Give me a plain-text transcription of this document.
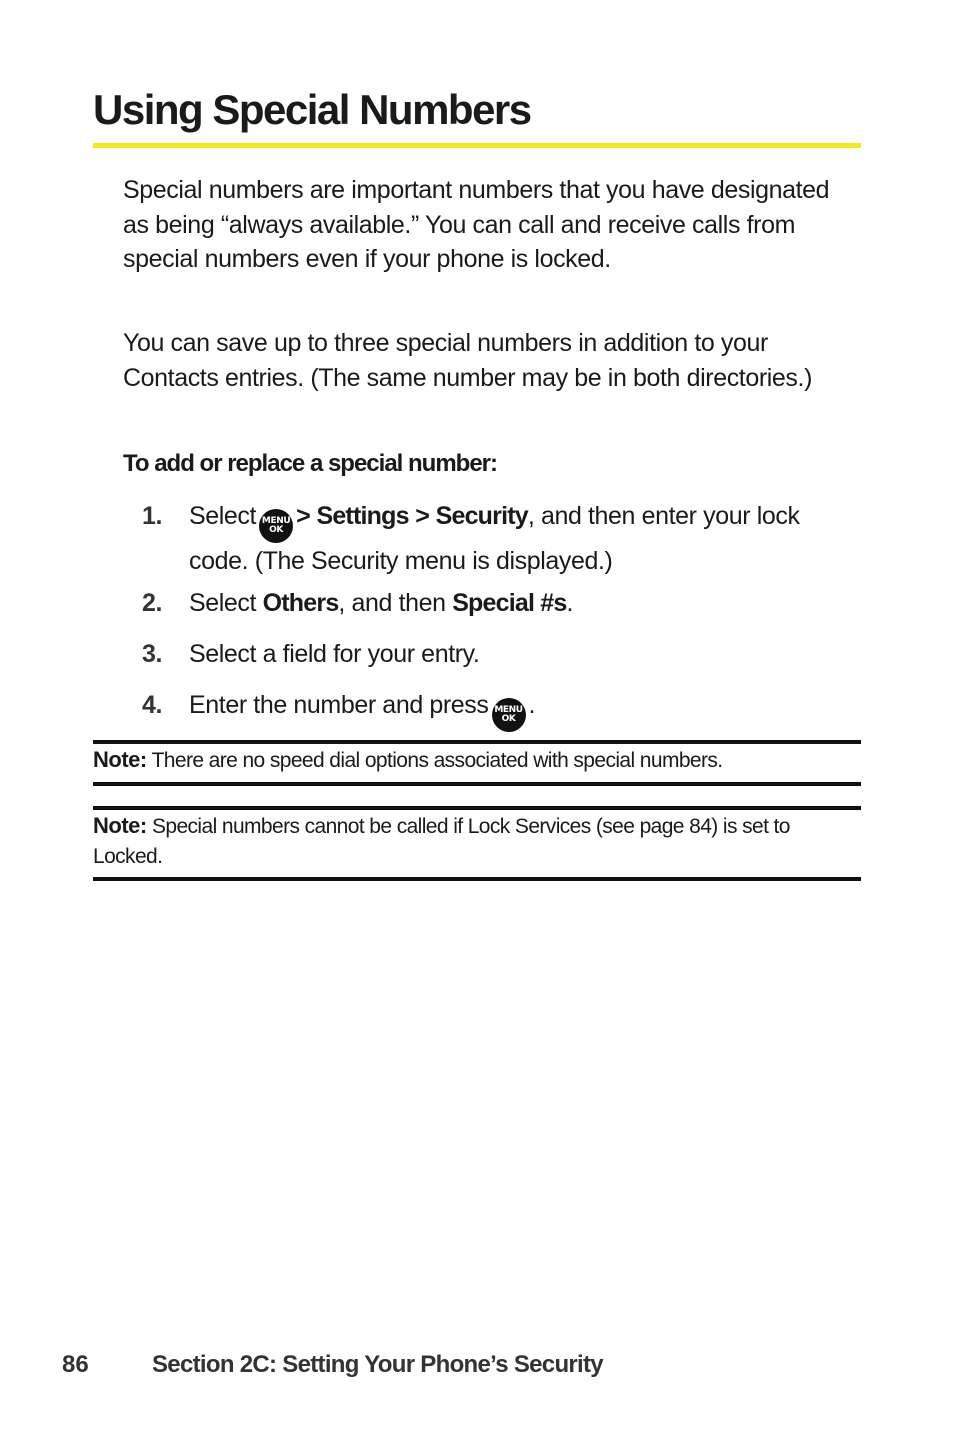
Using Special Numbers

Special numbers are important numbers that you have designated as being “always available.” You can call and receive calls from special numbers even if your phone is locked.

You can save up to three special numbers in addition to your Contacts entries. (The same number may be in both directories.)

To add or replace a special number:
1. Select MENU
OK > Settings > Security, and then enter your lock code. (The Security menu is displayed.)
2. Select Others, and then Special #s.
3. Select a field for your entry.
4. Enter the number and press MENU
OK .
Note: There are no speed dial options associated with special numbers.
Note: Special numbers cannot be called if Lock Services (see page 84) is set to Locked.
86	Section 2C: Setting Your Phone’s Security
